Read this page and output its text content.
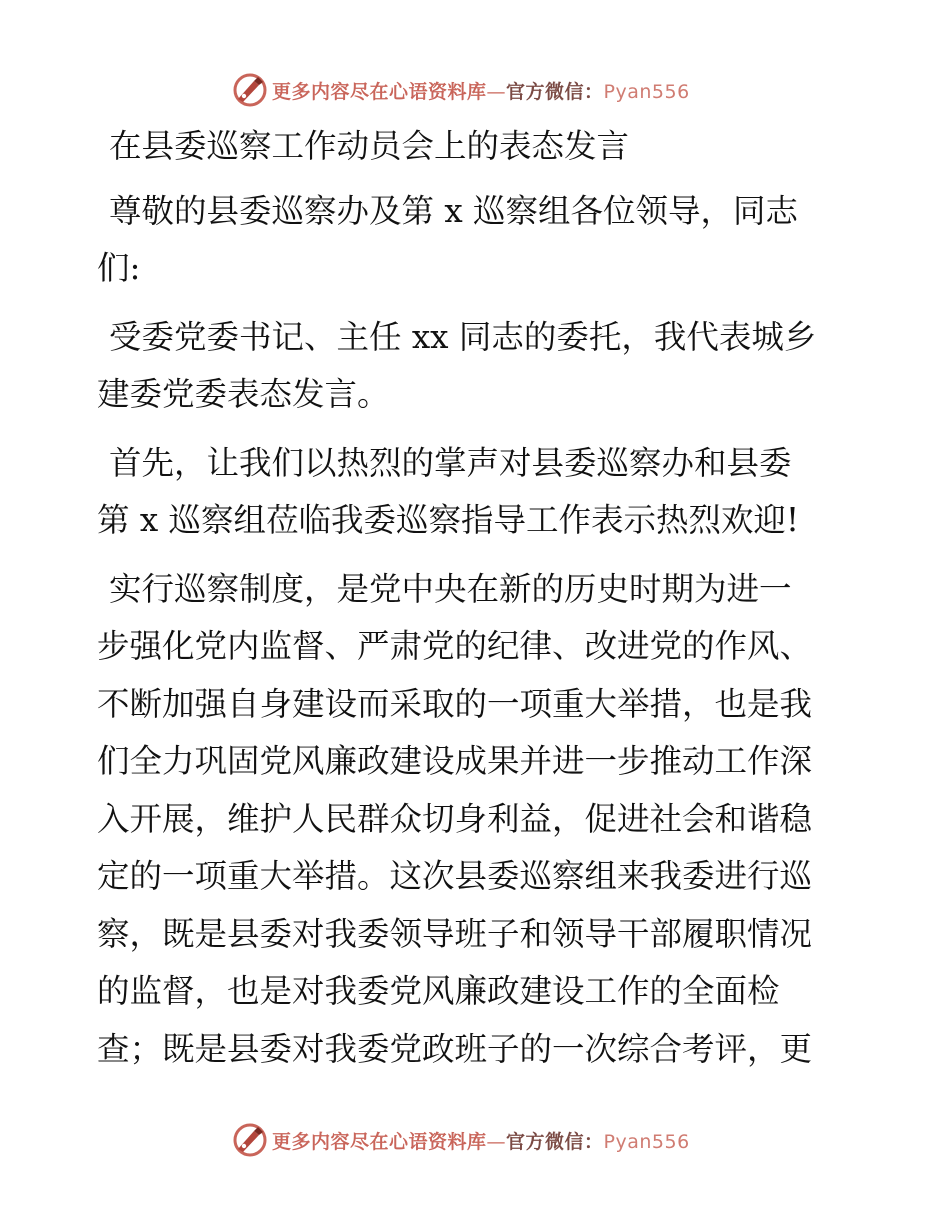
更多内容尽在心语资料库—官方微信：Pyan556

在县委巡察工作动员会上的表态发言

尊敬的县委巡察办及第 x 巡察组各位领导，同志
们:

受委党委书记、主任 xx 同志的委托，我代表城乡
建委党委表态发言。

首先，让我们以热烈的掌声对县委巡察办和县委
第 x 巡察组莅临我委巡察指导工作表示热烈欢迎!

实行巡察制度，是党中央在新的历史时期为进一
步强化党内监督、严肃党的纪律、改进党的作风、
不断加强自身建设而采取的一项重大举措，也是我
们全力巩固党风廉政建设成果并进一步推动工作深
入开展，维护人民群众切身利益，促进社会和谐稳
定的一项重大举措。这次县委巡察组来我委进行巡
察，既是县委对我委领导班子和领导干部履职情况
的监督，也是对我委党风廉政建设工作的全面检
查；既是县委对我委党政班子的一次综合考评，更

更多内容尽在心语资料库—官方微信：Pyan556
